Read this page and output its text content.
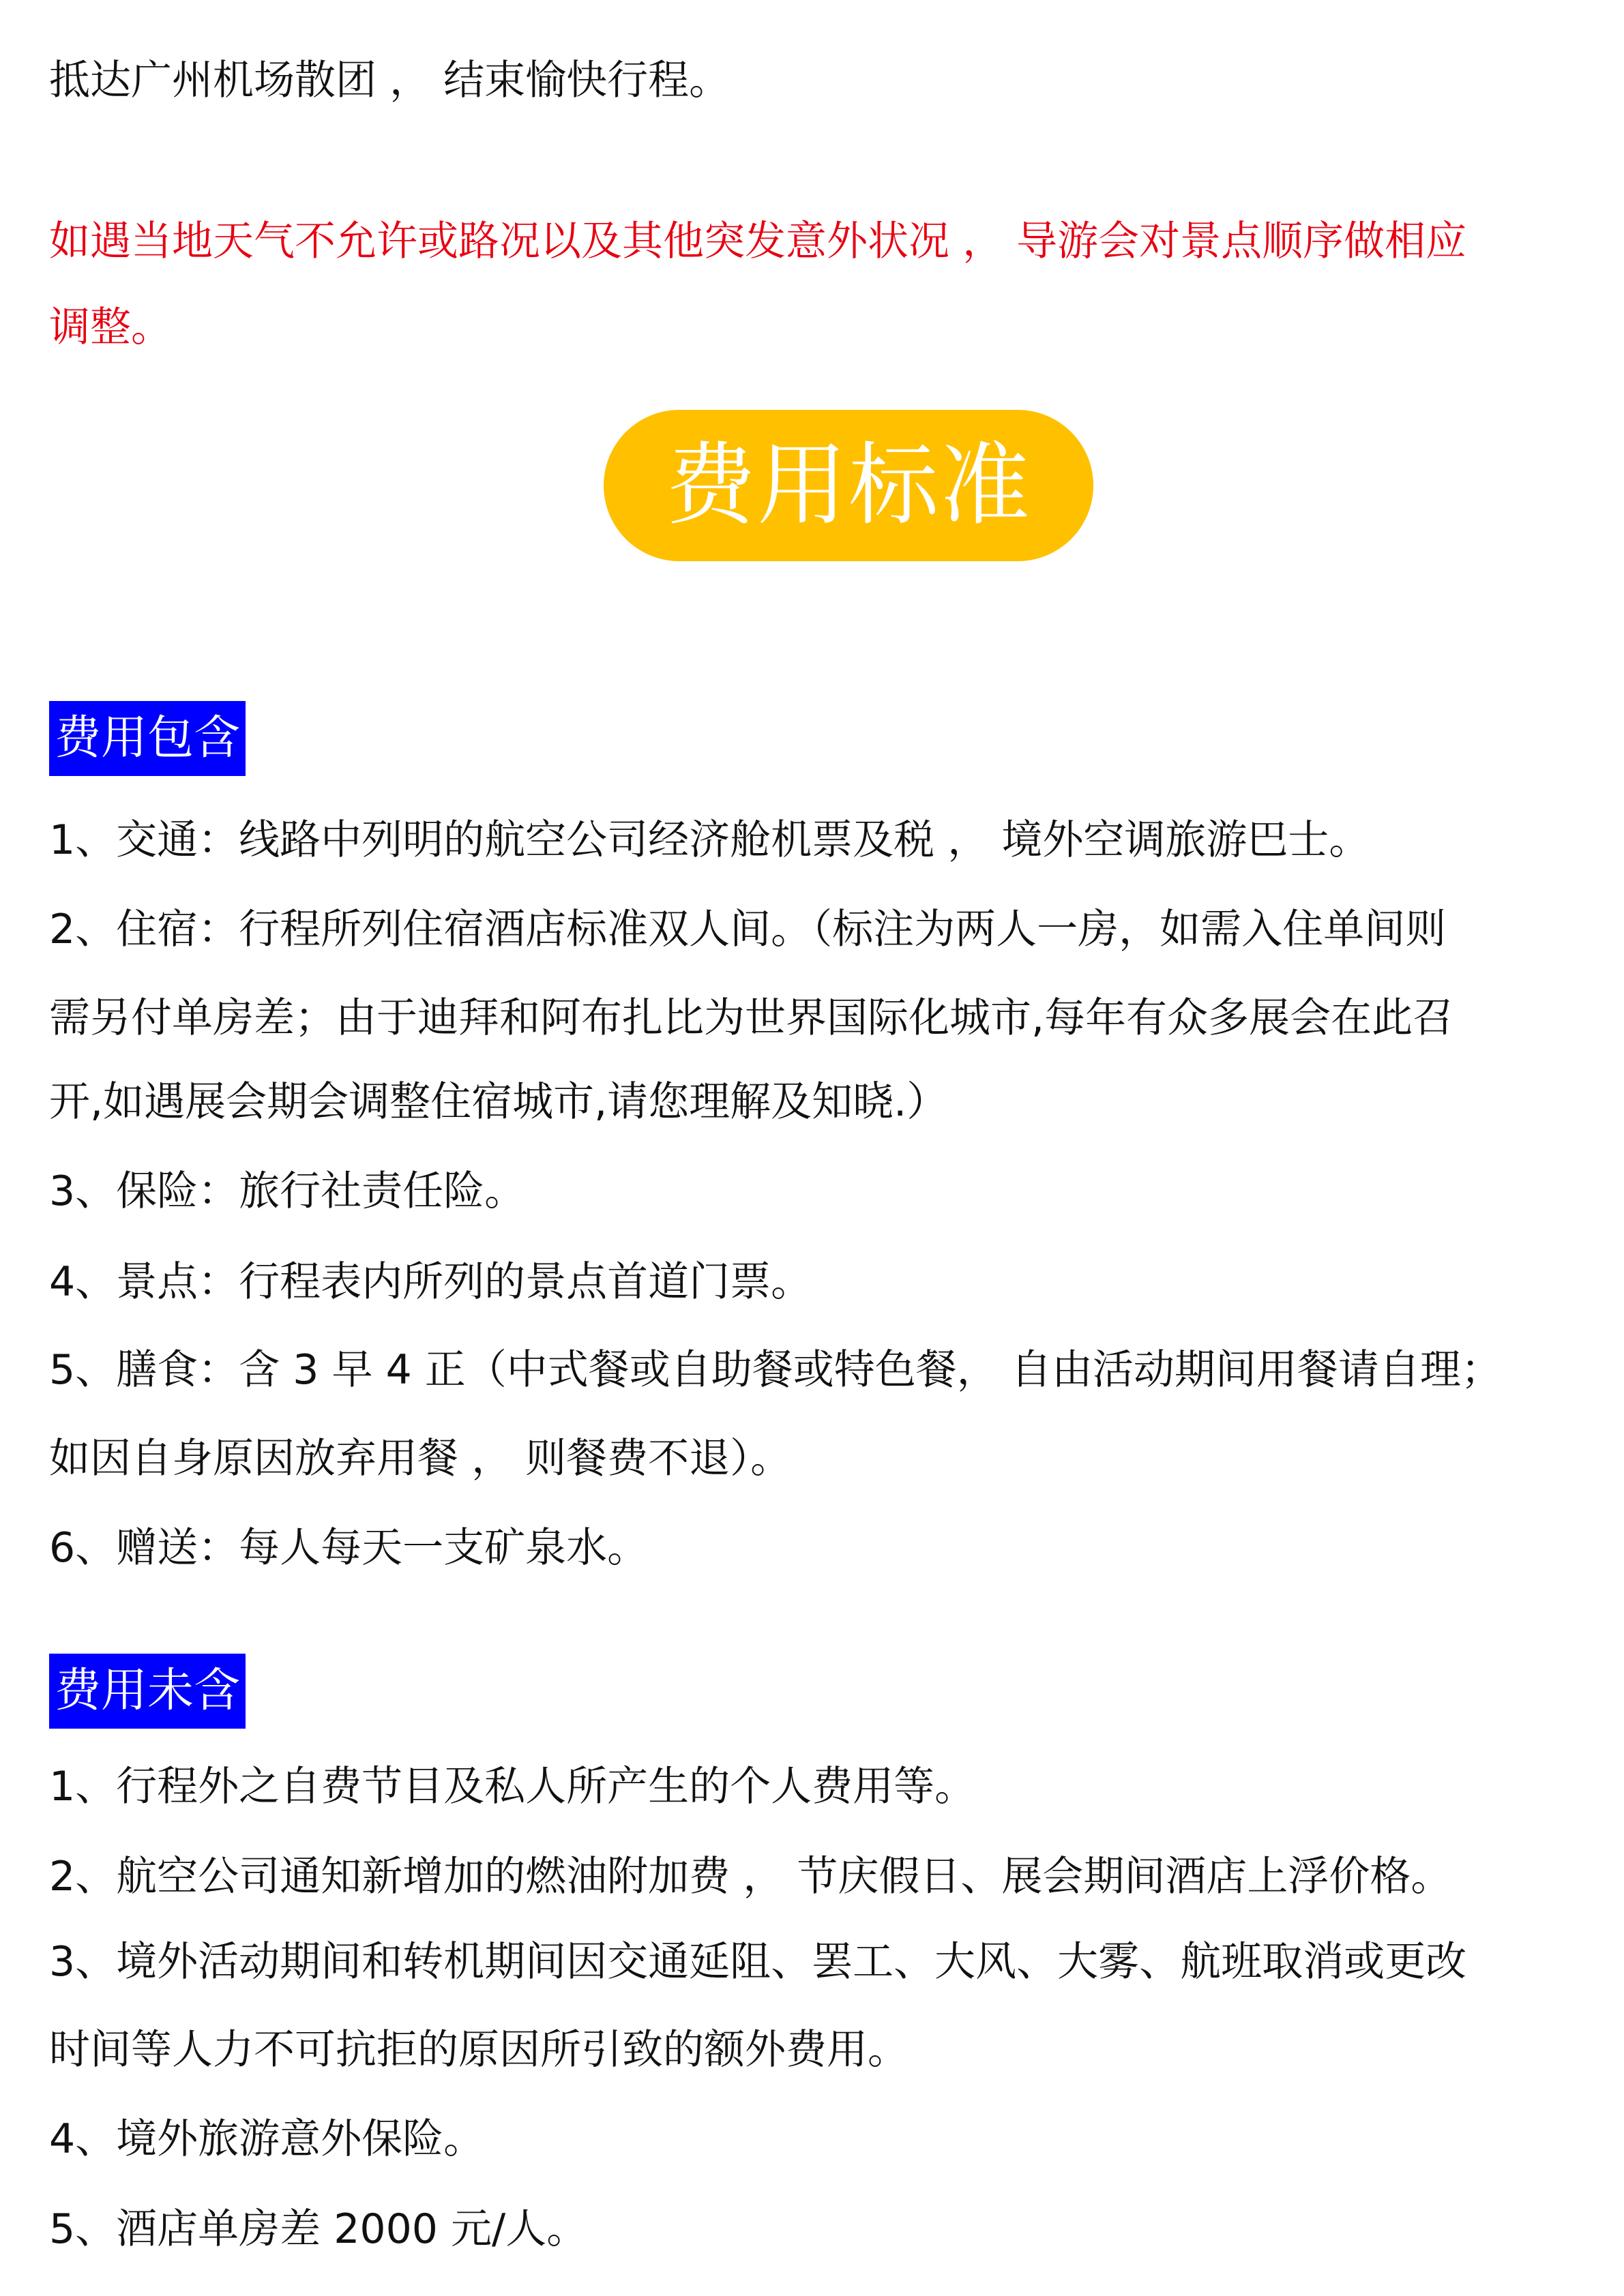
抵达广州机场散团 ， 结束愉快行程。
如遇当地天气不允许或路况以及其他突发意外状况 ， 导游会对景点顺序做相应
调整。
费用标准
费用包含
1、交通：线路中列明的航空公司经济舱机票及税 ， 境外空调旅游巴士。
2、住宿：行程所列住宿酒店标准双人间。（标注为两人一房，如需入住单间则
需另付单房差；由于迪拜和阿布扎比为世界国际化城市,每年有众多展会在此召
开,如遇展会期会调整住宿城市,请您理解及知晓.）
3、保险：旅行社责任险。
4、景点：行程表内所列的景点首道门票。
5、膳食：含 3 早 4 正（中式餐或自助餐或特色餐， 自由活动期间用餐请自理；
如因自身原因放弃用餐 ， 则餐费不退）。
6、赠送：每人每天一支矿泉水。
费用未含
1、行程外之自费节目及私人所产生的个人费用等。
2、航空公司通知新增加的燃油附加费 ， 节庆假日、展会期间酒店上浮价格。
3、境外活动期间和转机期间因交通延阻、罢工、大风、大雾、航班取消或更改
时间等人力不可抗拒的原因所引致的额外费用。
4、境外旅游意外保险。
5、酒店单房差 2000 元/人。
